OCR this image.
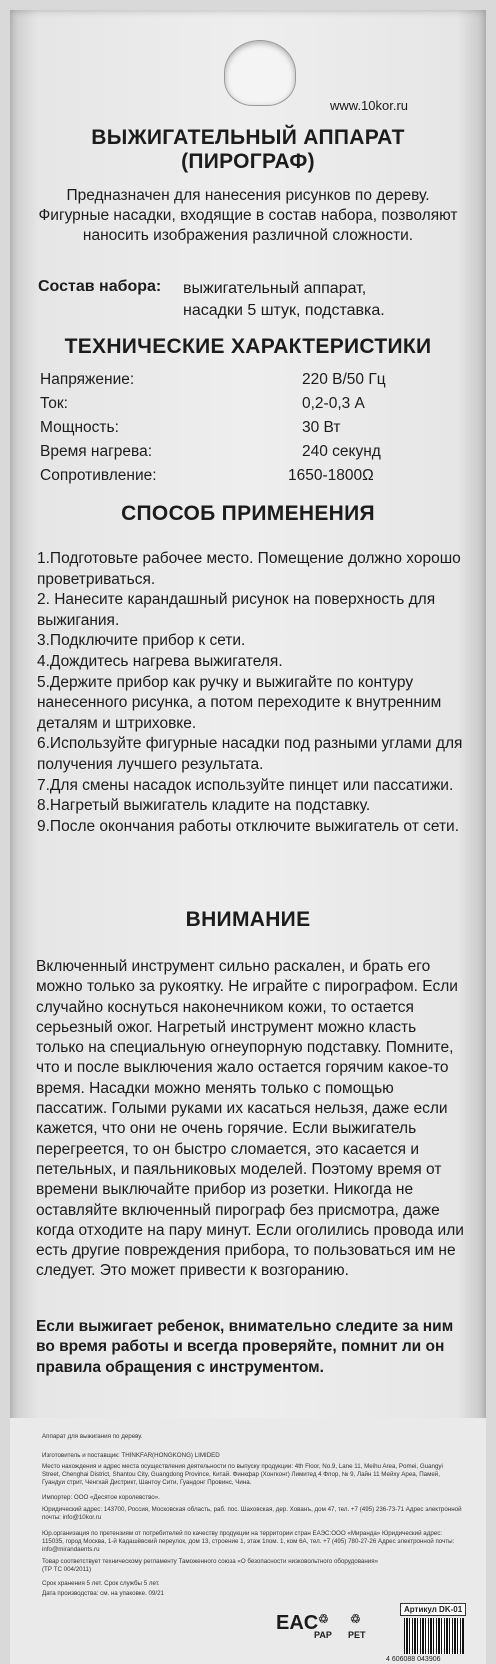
www.10kor.ru
ВЫЖИГАТЕЛЬНЫЙ АППАРАТ
(ПИРОГРАФ)
Предназначен для нанесения рисунков по дереву. Фигурные насадки, входящие в состав набора, позволяют наносить изображения различной сложности.
Состав набора: выжигательный аппарат,
насадки 5 штук, подставка.
ТЕХНИЧЕСКИЕ ХАРАКТЕРИСТИКИ
Напряжение:	220 В/50 Гц
Ток:	0,2-0,3 А
Мощность:	30 Вт
Время нагрева:	240 секунд
Сопротивление:	1650-1800Ω
СПОСОБ ПРИМЕНЕНИЯ

1.Подготовьте рабочее место. Помещение должно хорошо проветриваться.

2. Нанесите карандашный рисунок на поверхность для выжигания.

3.Подключите прибор к сети.

4.Дождитесь нагрева выжигателя.

5.Держите прибор как ручку и выжигайте по контуру нанесенного рисунка, а потом переходите к внутренним деталям и штриховке.

6.Используйте фигурные насадки под разными углами для получения лучшего результата.

7.Для смены насадок используйте пинцет или пассатижи.

8.Нагретый выжигатель кладите на подставку.

9.После окончания работы отключите выжигатель от сети.

ВНИМАНИЕ
Включенный инструмент сильно раскален, и брать его можно только за рукоятку. Не играйте с пирографом. Если случайно коснуться наконечником кожи, то остается серьезный ожог. Нагретый инструмент можно класть только на специальную огнеупорную подставку. Помните, что и после выключения жало остается горячим какое-то время. Насадки можно менять только с помощью пассатиж. Голыми руками их касаться нельзя, даже если кажется, что они не очень горячие. Если выжигатель перегреется, то он быстро сломается, это касается и петельных, и паяльниковых моделей. Поэтому время от времени выключайте прибор из розетки. Никогда не оставляйте включенный пирограф без присмотра, даже когда отходите на пару минут. Если оголились провода или есть другие повреждения прибора, то пользоваться им не следует. Это может привести к возгоранию.
Если выжигает ребенок, внимательно следите за ним во время работы и всегда проверяйте, помнит ли он правила обращения с инструментом.
Аппарат для выжигания по дереву.
Изготовитель и поставщик: THINKFAR(HONGKONG) LIMIDED
Место нахождения и адрес места осуществления деятельности по выпуску продукции: 4th Floor, No.9, Lane 11, Meihu Area, Pomei, Guangyi Street, Chenghai District, Shantou City, Guangdong Province, Китай. Финкфар (Хонгконг) Лимитед 4 Флор, № 9, Лайн 11 Мейху Ареа, Памей, Гуандуи стрит, Ченгхай Дистрикт, Шантоу Сити, Гуандонг Провинс, Чина.
Импортер: ООО «Десятое королевство».
Юридический адрес: 143700, Россия, Московская область, раб. пос. Шаховская, дер. Хованъ, дом 47, тел. +7 (495) 236-73-71 Адрес электронной почты: info@10kor.ru
Юр.организация по претензиям от потребителей по качеству продукции на территории стран ЕАЭС:ООО «Миранда» Юридический адрес: 115035, город Москва, 1-й Кадашёвский переулок, дом 13, строение 1, этаж 1пом. 1, ком 6А, тел. +7 (495) 780-27-26 Адрес электронной почты: info@mirandaents.ru
Товар соответствует техническому регламенту Таможенного союза «О безопасности низковольтного оборудования» (ТР ТС 004/2011)
Срок хранения 5 лет. Срок службы 5 лет.
Дата производства: см. на упаковке. 09/21
Артикул DK-01
EAC ♲
PAP
♲
PET
4 606088 043906
